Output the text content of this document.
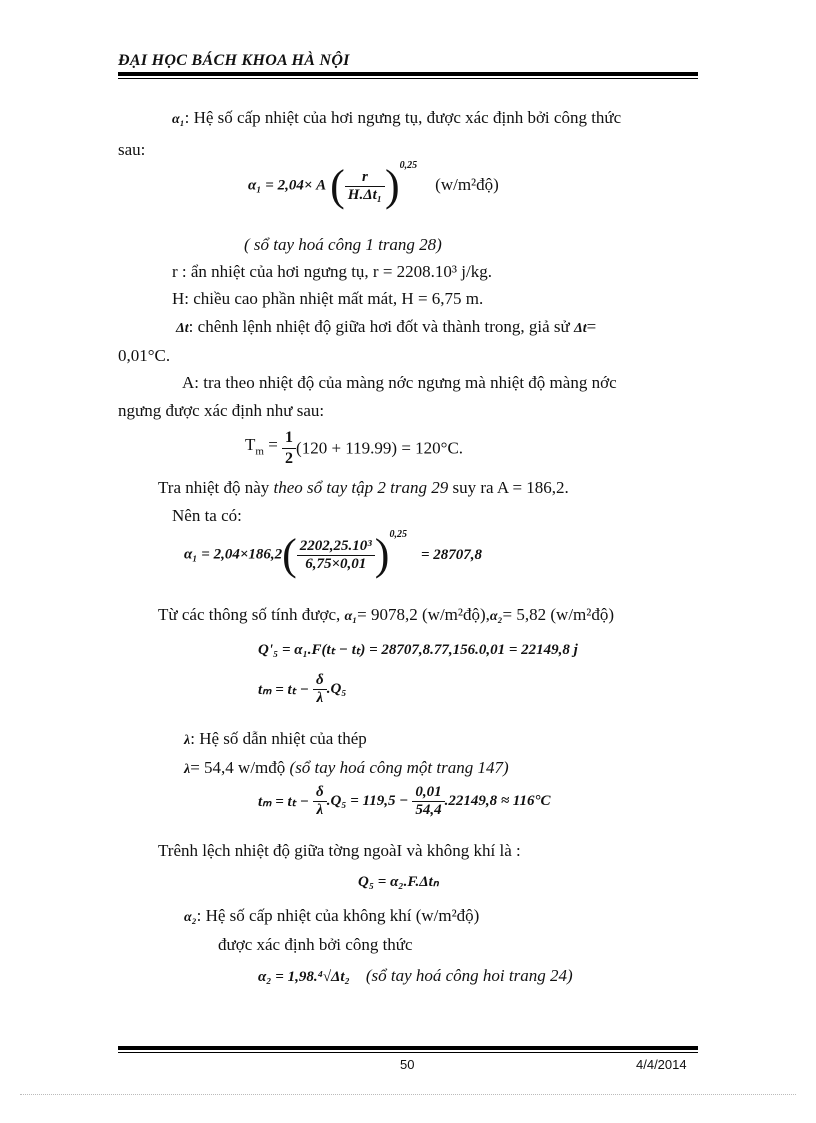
ĐẠI HỌC BÁCH KHOA HÀ NỘI
α₁: Hệ số cấp nhiệt của hơi ngưng tụ, được xác định bởi công thức
sau:
α₁ = 2,04× A ( $\frac{r}{\text{H.Δt₁}} )^{0,25}$ (w/m²độ)
( sổ tay hoá công 1 trang 28)
r : ẩn nhiệt của hơi ngưng tụ, r = 2208.10³ j/kg.
H: chiều cao phần nhiệt mất mát, H = 6,75 m.
Δt: chênh lệnh nhiệt độ giữa hơi đốt và thành trong, giả sử Δt=
0,01°C.
A: tra theo nhiệt độ của màng nớc ngưng mà nhiệt độ màng nớc
ngưng được xác định như sau:
$T_m = \frac{1}{2} (120 + 119.99) = 120^\circ C$.
Tra nhiệt độ này theo sổ tay tập 2 trang 29 suy ra A = 186,2.
Nên ta có:
$\alpha_1 = 2,04\times 186,2( \frac{\text{2202,25.10³}}{6,75\times 0,01} )^{0,25} = 28707,8$
Từ các thông số tính được, α₁= 9078,2 (w/m²độ),α₂= 5,82 (w/m²độ)
Q'₅ = α₁.F(tₜ − tₜ) = 28707,8.77,156.0,01 = 22149,8 j
$t_m = t_t - \frac{\delta}{\lambda} .Q_5$
λ: Hệ số dẫn nhiệt của thép
λ= 54,4 w/mđộ (sổ tay hoá công một trang 147)
$t_m = t_t - \frac{\delta}{\lambda} .Q_5 = 119,5 - \frac{0,01}{54,4} .22149,8 \approx 116^\circ C$
Trênh lệch nhiệt độ giữa tờng ngoàI và không khí là :
Q₅ = α₂.F.Δtₙ
α₂: Hệ số cấp nhiệt của không khí (w/m²độ)
được xác định bởi công thức
α₂ = 1,98.⁴√Δt₂ (sổ tay hoá công hoi trang 24)
50	4/4/2014
